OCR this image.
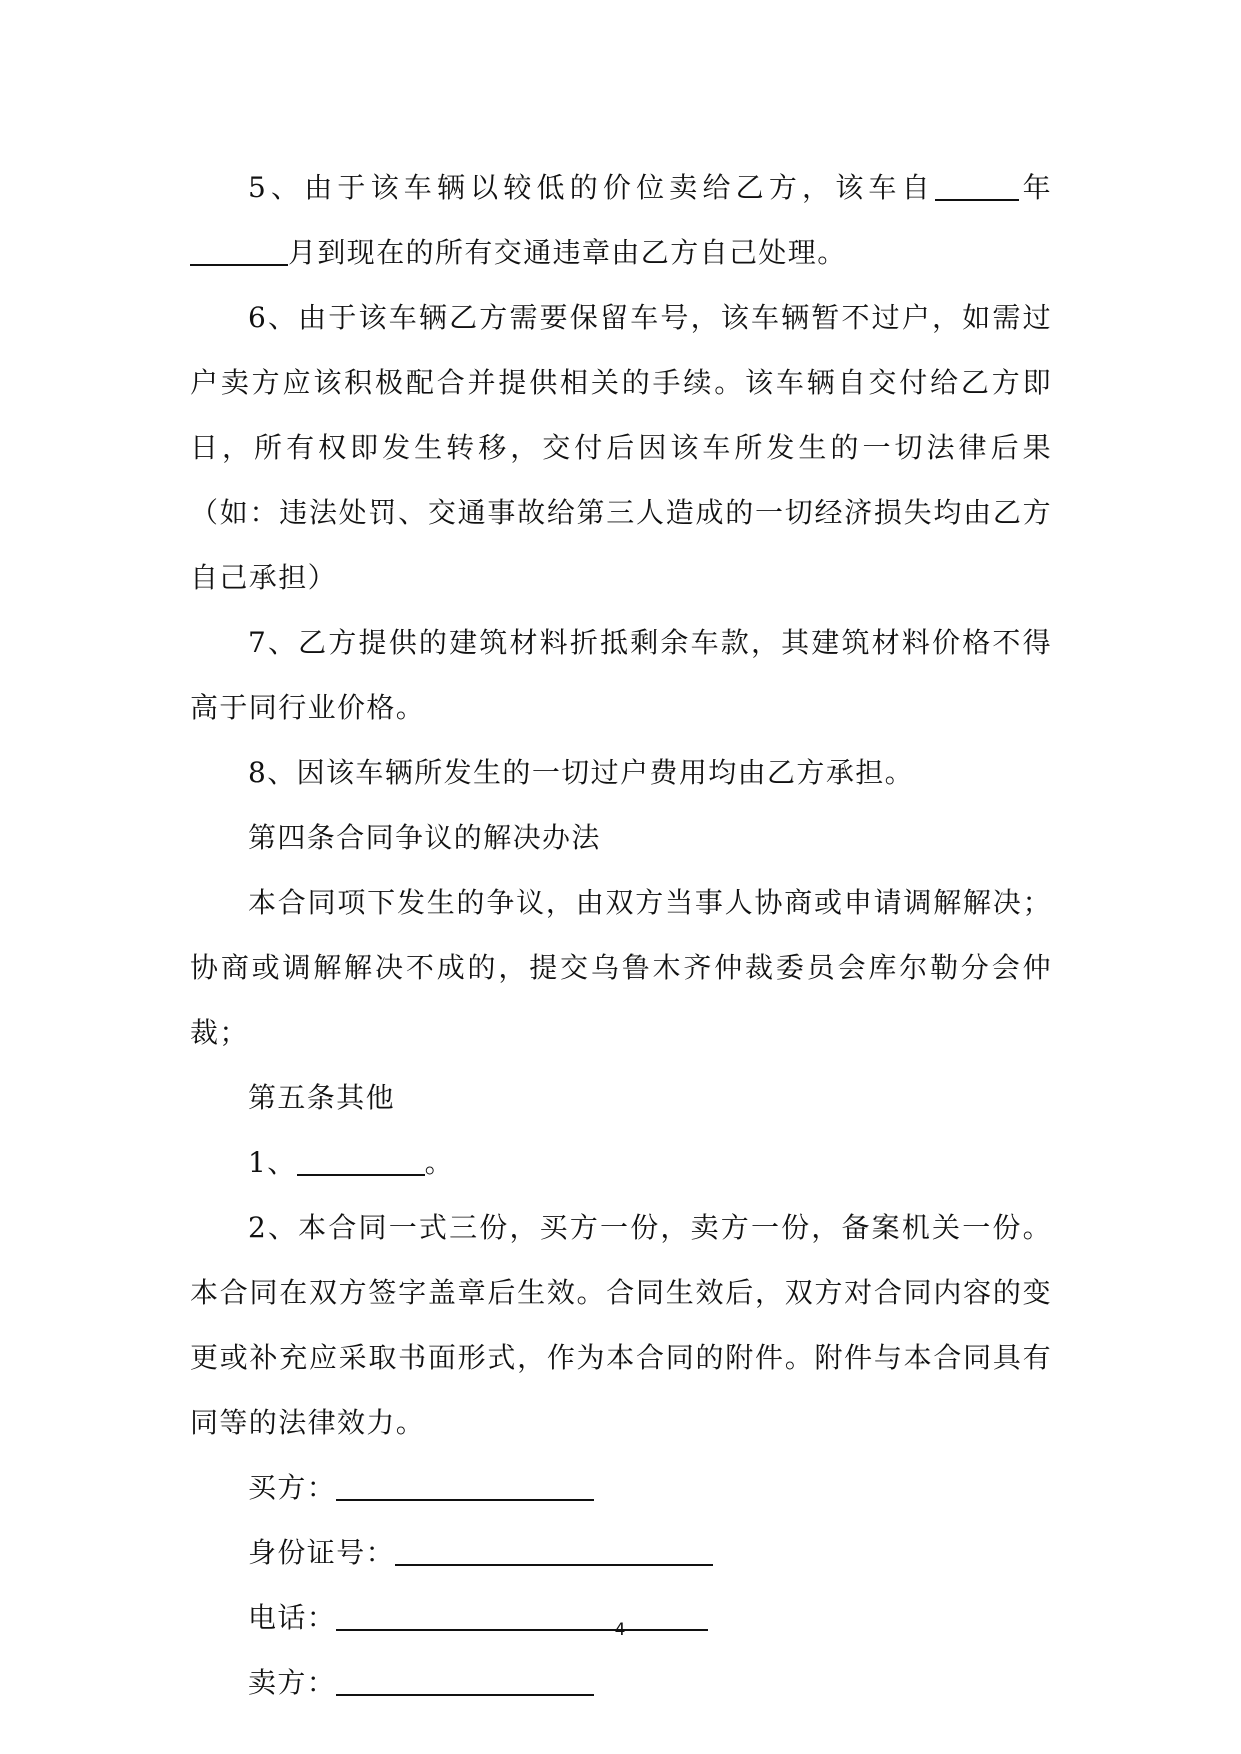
5、由于该车辆以较低的价位卖给乙方，该车自	年月到现在的所有交通违章由乙方自己处理。

6、由于该车辆乙方需要保留车号，该车辆暂不过户，如需过户卖方应该积极配合并提供相关的手续。该车辆自交付给乙方即日，所有权即发生转移，交付后因该车所发生的一切法律后果（如：违法处罚、交通事故给第三人造成的一切经济损失均由乙方自己承担）

7、乙方提供的建筑材料折抵剩余车款，其建筑材料价格不得高于同行业价格。

8、因该车辆所发生的一切过户费用均由乙方承担。

第四条合同争议的解决办法

本合同项下发生的争议，由双方当事人协商或申请调解解决；协商或调解解决不成的，提交乌鲁木齐仲裁委员会库尔勒分会仲裁；

第五条其他

1、	。

2、本合同一式三份，买方一份，卖方一份，备案机关一份。本合同在双方签字盖章后生效。合同生效后，双方对合同内容的变更或补充应采取书面形式，作为本合同的附件。附件与本合同具有同等的法律效力。

买方：

身份证号：

电话：

卖方：

— 4 —
